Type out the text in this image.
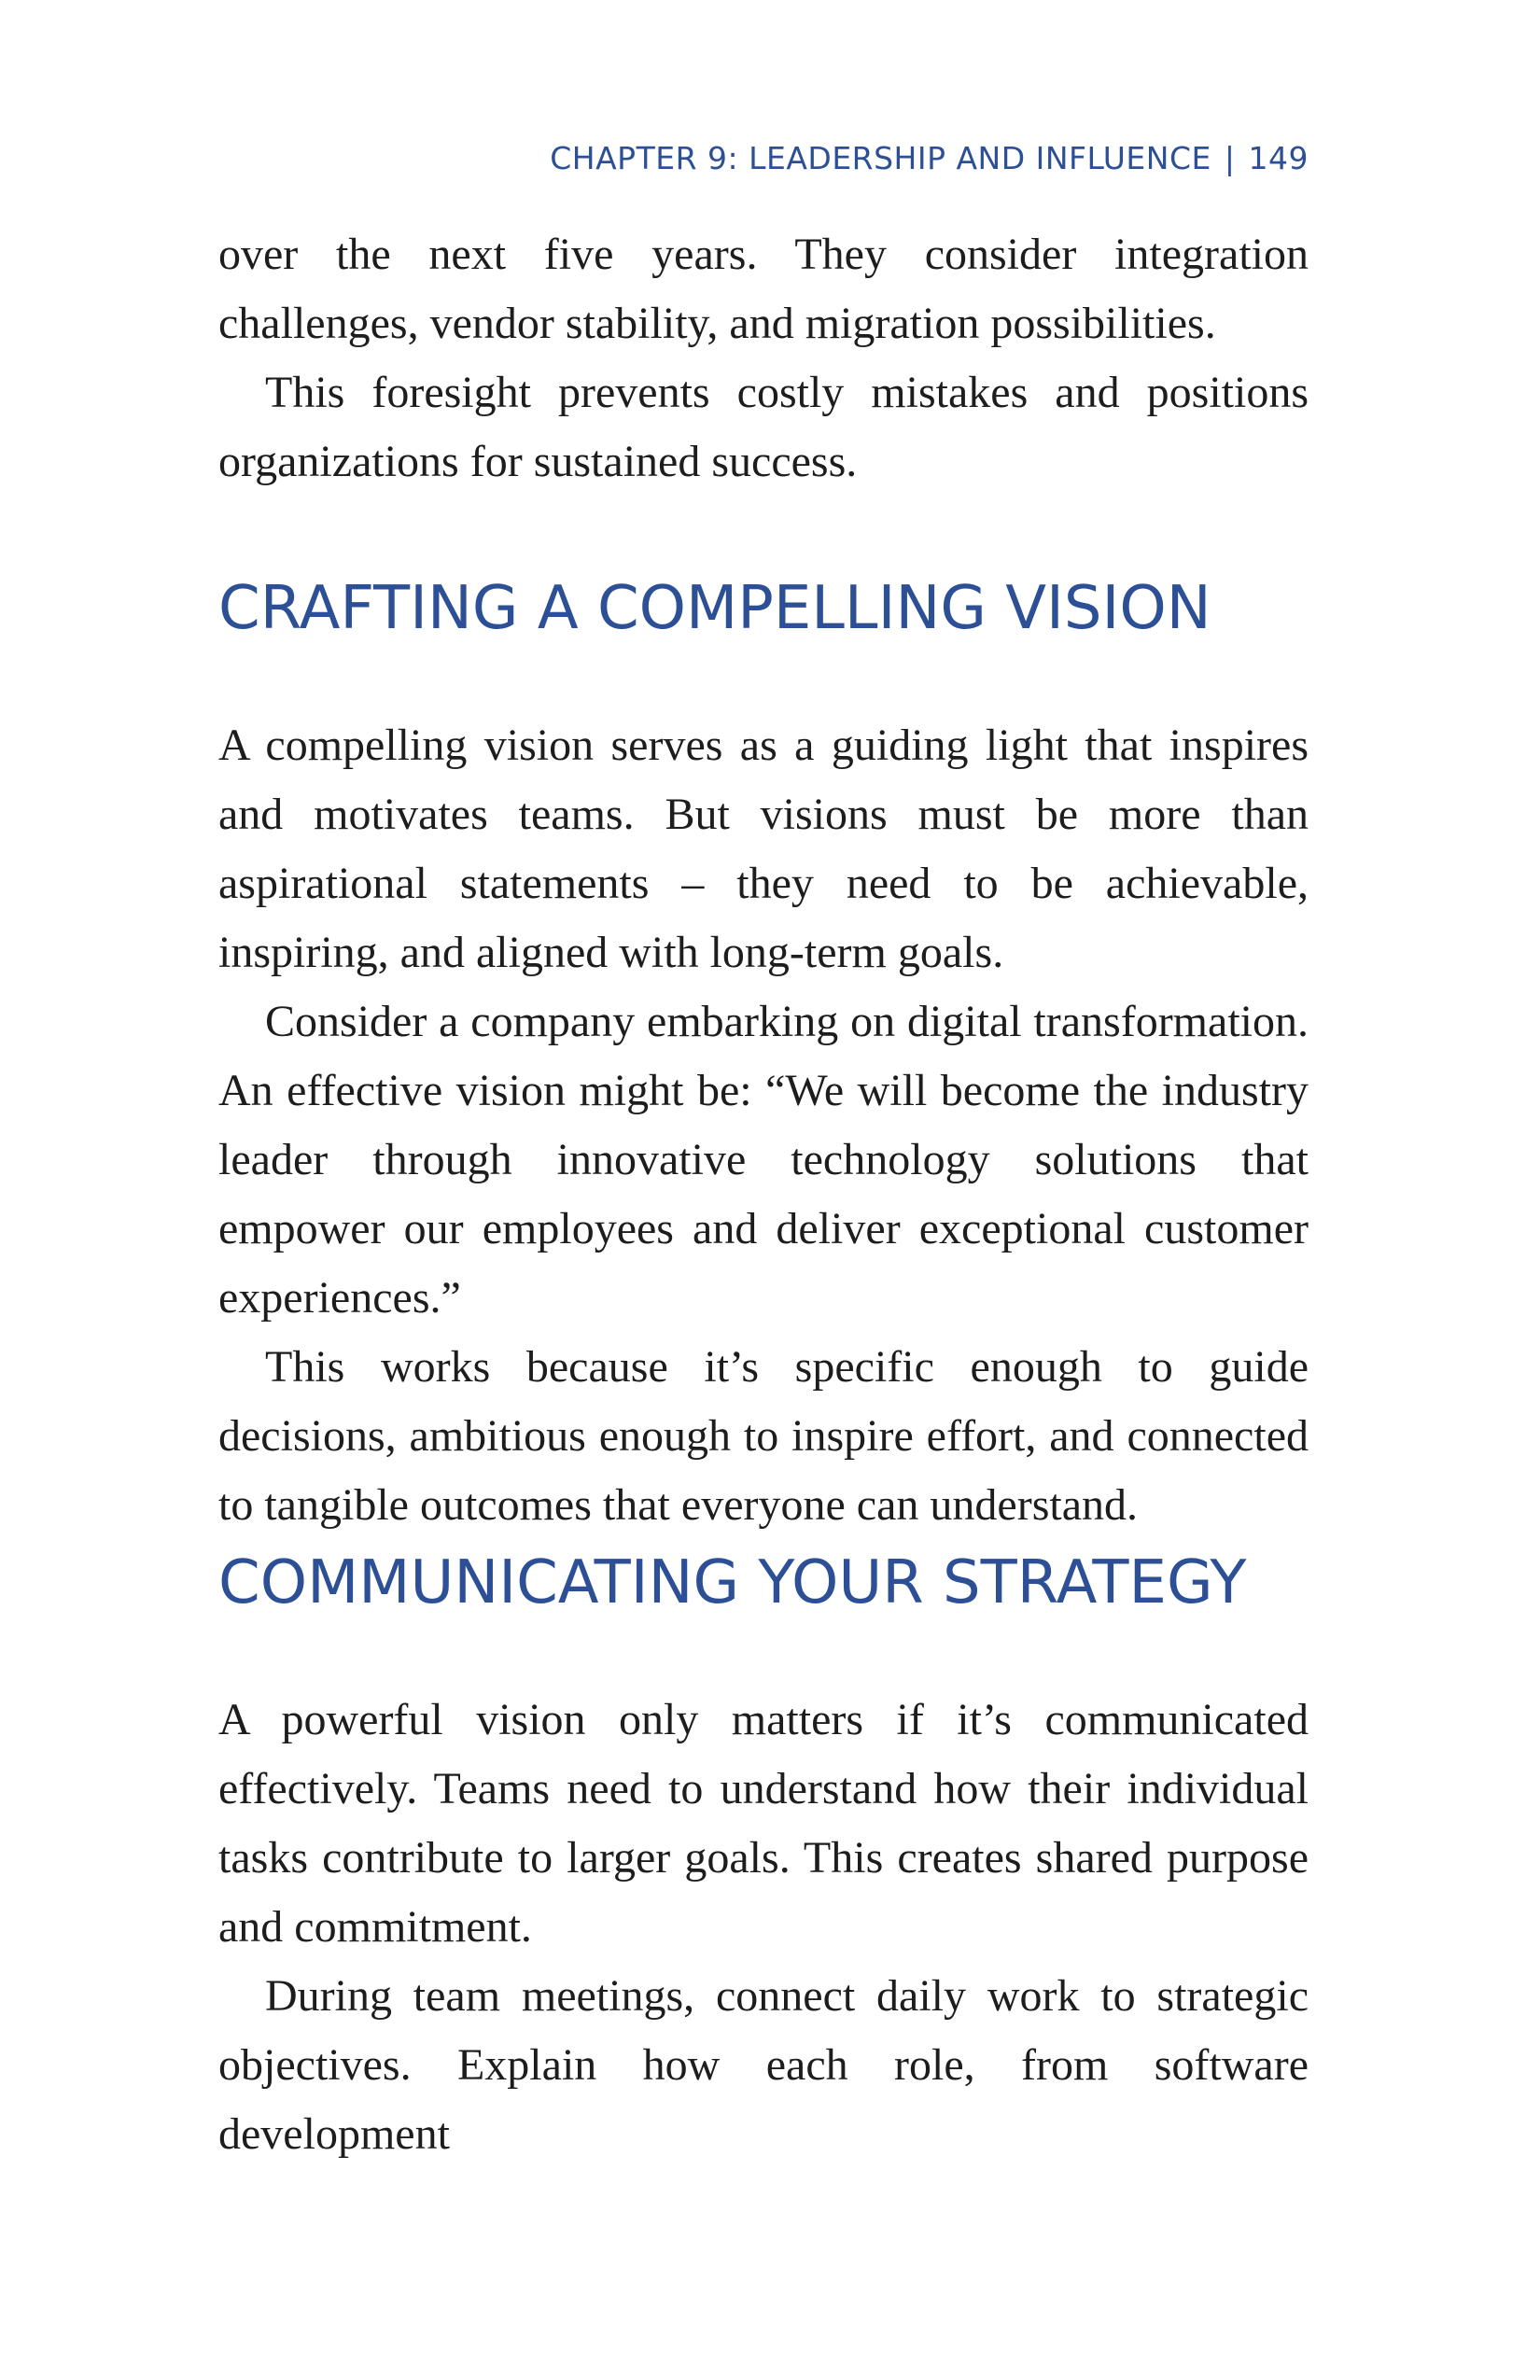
CHAPTER 9: LEADERSHIP AND INFLUENCE | 149

over the next five years. They consider integration challenges, vendor stability, and migration possibilities.

This foresight prevents costly mistakes and positions organizations for sustained success.

CRAFTING A COMPELLING VISION

A compelling vision serves as a guiding light that inspires and motivates teams. But visions must be more than aspirational statements – they need to be achievable, inspiring, and aligned with long-term goals.

Consider a company embarking on digital transformation. An effective vision might be: “We will become the industry leader through innovative technology solutions that empower our employees and deliver exceptional customer experiences.”

This works because it’s specific enough to guide decisions, ambitious enough to inspire effort, and connected to tangible outcomes that everyone can understand.

COMMUNICATING YOUR STRATEGY

A powerful vision only matters if it’s communicated effectively. Teams need to understand how their individual tasks contribute to larger goals. This creates shared purpose and commitment.

During team meetings, connect daily work to strategic objectives. Explain how each role, from software development
